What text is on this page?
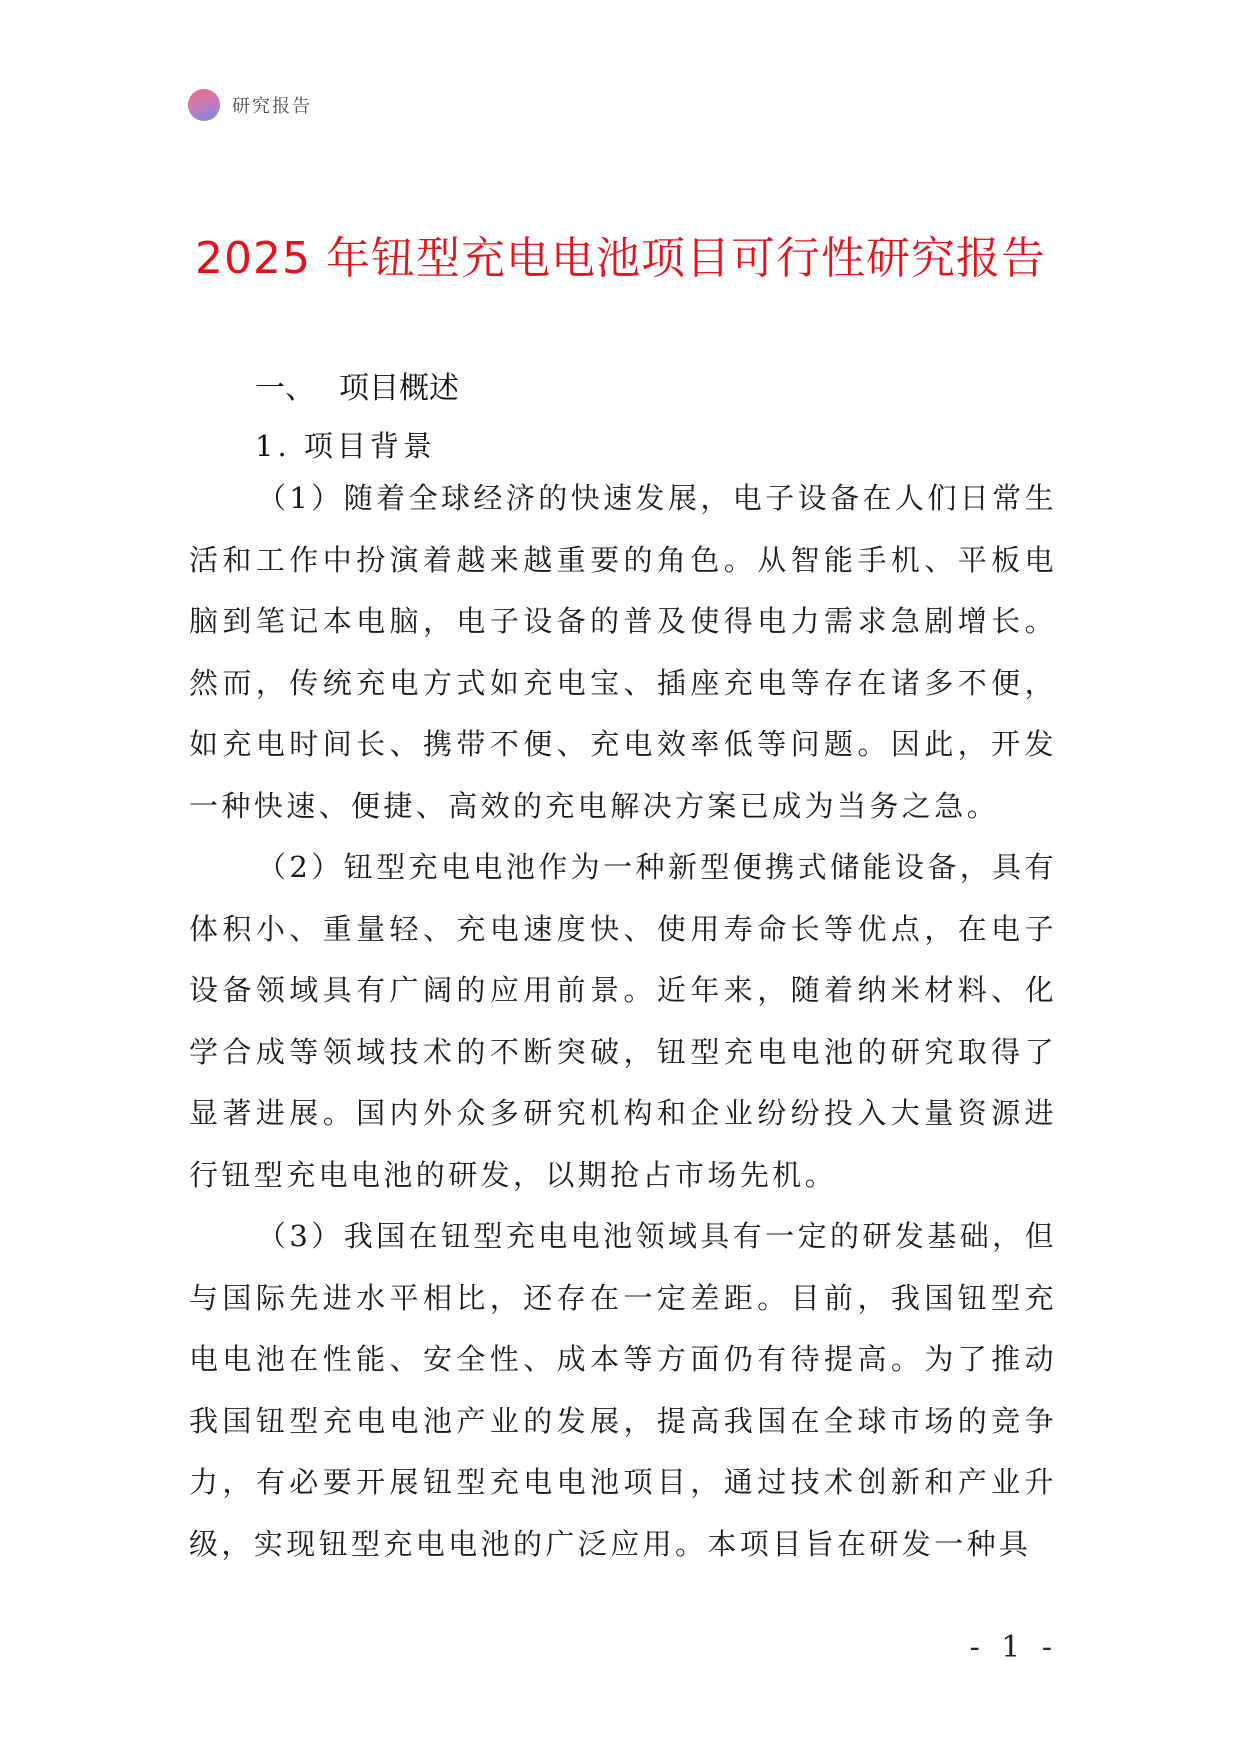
研究报告
2025 年钮型充电电池项目可行性研究报告
一、 项目概述
1. 项目背景

（1）随着全球经济的快速发展，电子设备在人们日常生活和工作中扮演着越来越重要的角色。从智能手机、平板电脑到笔记本电脑，电子设备的普及使得电力需求急剧增长。然而，传统充电方式如充电宝、插座充电等存在诸多不便，如充电时间长、携带不便、充电效率低等问题。因此，开发一种快速、便捷、高效的充电解决方案已成为当务之急。

（2）钮型充电电池作为一种新型便携式储能设备，具有体积小、重量轻、充电速度快、使用寿命长等优点，在电子设备领域具有广阔的应用前景。近年来，随着纳米材料、化学合成等领域技术的不断突破，钮型充电电池的研究取得了显著进展。国内外众多研究机构和企业纷纷投入大量资源进行钮型充电电池的研发，以期抢占市场先机。

（3）我国在钮型充电电池领域具有一定的研发基础，但与国际先进水平相比，还存在一定差距。目前，我国钮型充电电池在性能、安全性、成本等方面仍有待提高。为了推动我国钮型充电电池产业的发展，提高我国在全球市场的竞争力，有必要开展钮型充电电池项目，通过技术创新和产业升级，实现钮型充电电池的广泛应用。本项目旨在研发一种具

- 1 -
